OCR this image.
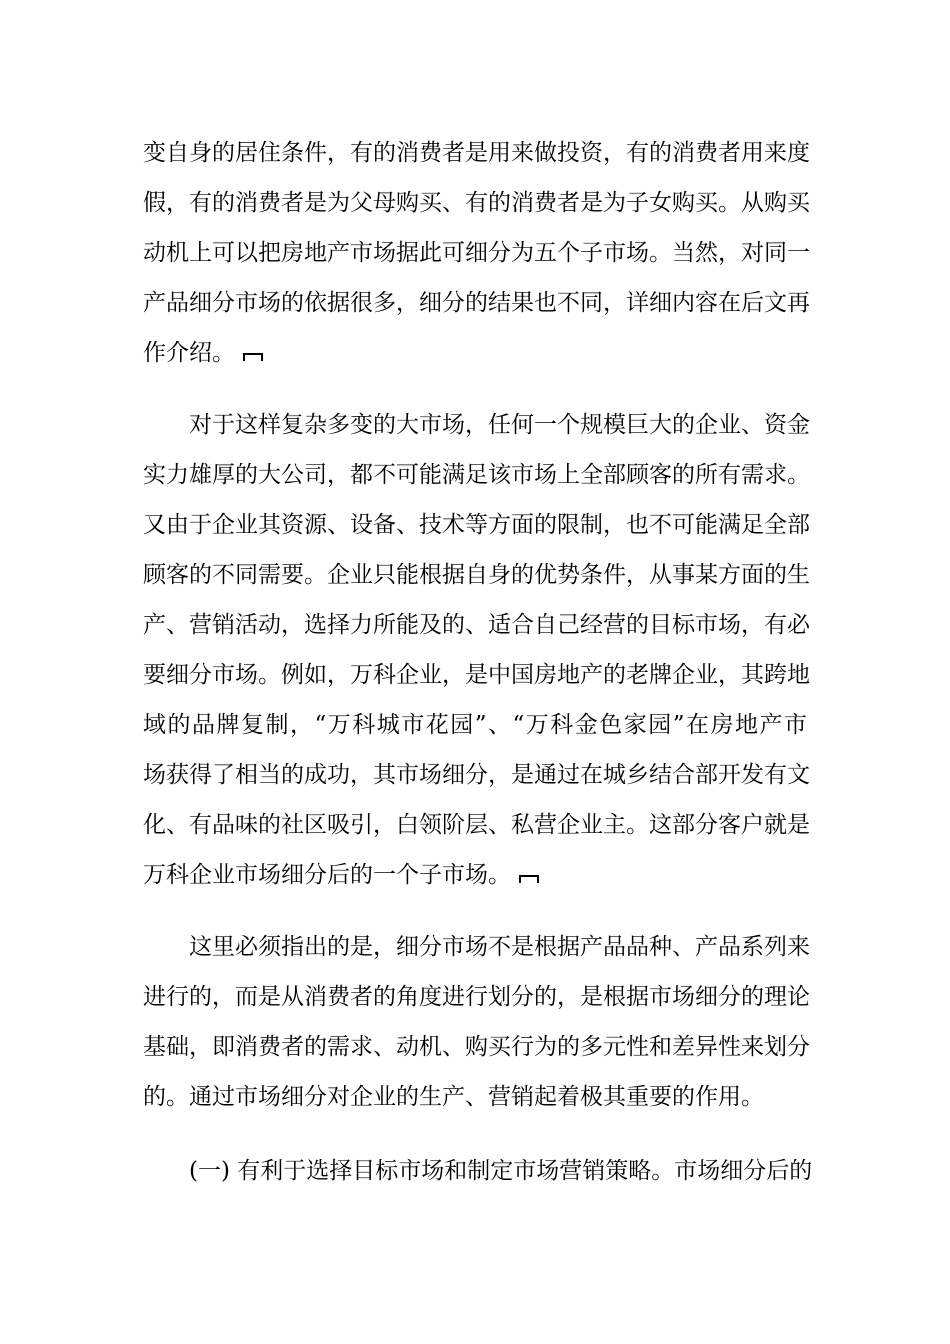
变自身的居住条件，有的消费者是用来做投资，有的消费者用来度
假，有的消费者是为父母购买、有的消费者是为子女购买。从购买
动机上可以把房地产市场据此可细分为五个子市场。当然，对同一
产品细分市场的依据很多，细分的结果也不同，详细内容在后文再
作介绍。
对于这样复杂多变的大市场，任何一个规模巨大的企业、资金
实力雄厚的大公司，都不可能满足该市场上全部顾客的所有需求。
又由于企业其资源、设备、技术等方面的限制，也不可能满足全部
顾客的不同需要。企业只能根据自身的优势条件，从事某方面的生
产、营销活动，选择力所能及的、适合自己经营的目标市场，有必
要细分市场。例如，万科企业，是中国房地产的老牌企业，其跨地
域的品牌复制，“万科城市花园”、“万科金色家园”在房地产市
场获得了相当的成功，其市场细分，是通过在城乡结合部开发有文
化、有品味的社区吸引，白领阶层、私营企业主。这部分客户就是
万科企业市场细分后的一个子市场。
这里必须指出的是，细分市场不是根据产品品种、产品系列来
进行的，而是从消费者的角度进行划分的，是根据市场细分的理论
基础，即消费者的需求、动机、购买行为的多元性和差异性来划分
的。通过市场细分对企业的生产、营销起着极其重要的作用。
(一) 有利于选择目标市场和制定市场营销策略。市场细分后的
